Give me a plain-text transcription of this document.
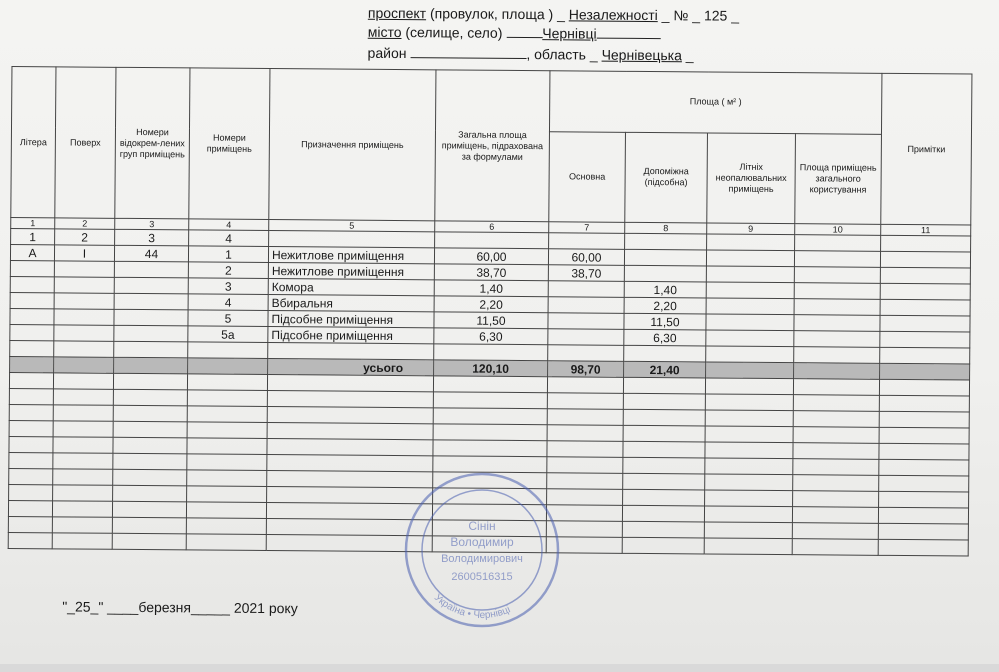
проспект (провулок, площа ) _ Незалежності _ № _ 125 _
місто (селище, село)	Чернівці
район	, область _ Чернівецька _
Літера	Поверх	Номери відокрем-лених груп приміщень	Номери приміщень	Призначення приміщень	Загальна площа приміщень, підрахована за формулами	Площа ( м² )				Примітки
						Основна	Допоміжна (підсобна)	Літніх неопалювальних приміщень	Площа приміщень загального користування	
1	2	3	4	5	6	7	8	9	10	11
1	2	3	4							
А	І	44	1	Нежитлове приміщення	60,00	60,00				
			2	Нежитлове приміщення	38,70	38,70				
			3	Комора	1,40		1,40			
			4	Вбиральня	2,20		2,20			
			5	Підсобне приміщення	11,50		11,50			
			5а	Підсобне приміщення	6,30		6,30			

				усього	120,10	98,70	21,40			

"_25_" ____березня_____ 2021 року
Україна • Чернівці
Сінін
Володимир
Володимирович
2600516315
